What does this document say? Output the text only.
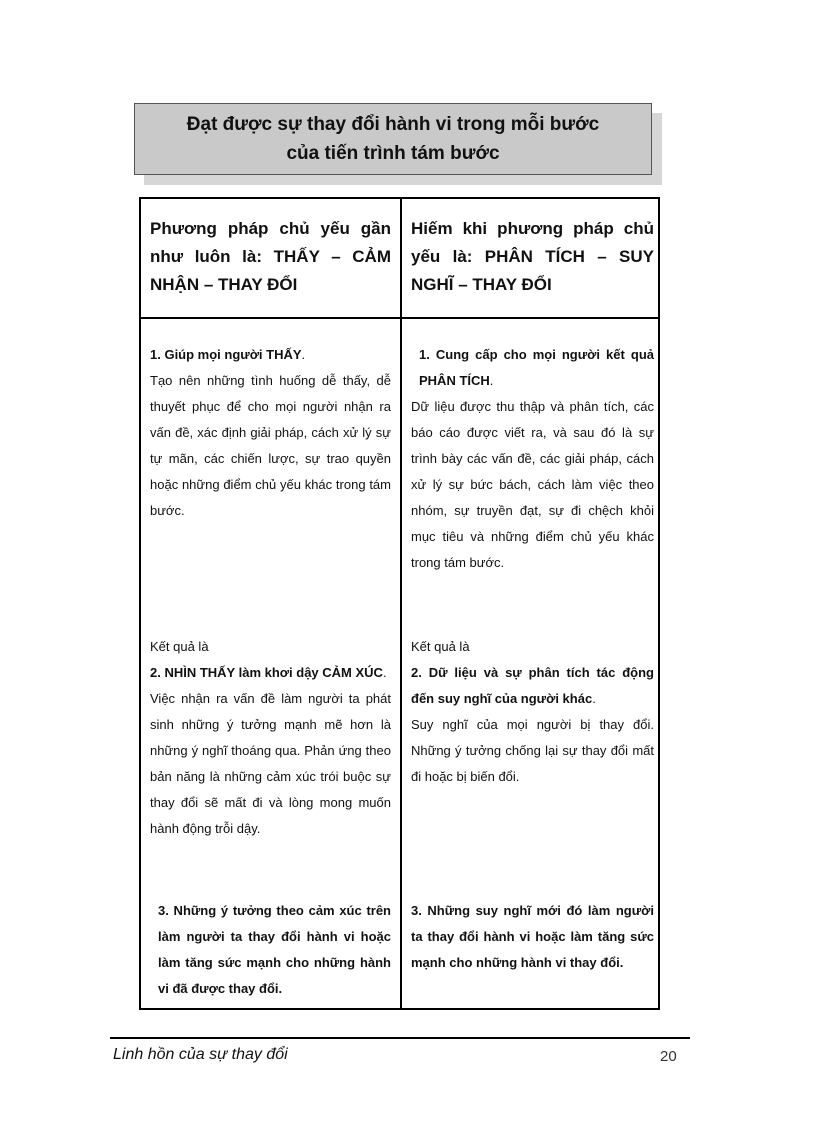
Đạt được sự thay đổi hành vi trong mỗi bước
của tiến trình tám bước
Phương pháp chủ yếu gần như luôn là: THẤY – CẢM NHẬN – THAY ĐỔI
Hiếm khi phương pháp chủ yếu là: PHÂN TÍCH – SUY NGHĨ – THAY ĐỔI

1. Giúp mọi người THẤY.

Tạo nên những tình huống dễ thấy, dễ thuyết phục để cho mọi người nhận ra vấn đề, xác định giải pháp, cách xử lý sự tự mãn, các chiến lược, sự trao quyền hoặc những điểm chủ yếu khác trong tám bước.

Kết quả là

2. NHÌN THẤY làm khơi dậy CẢM XÚC.

Việc nhận ra vấn đề làm người ta phát sinh những ý tưởng mạnh mẽ hơn là những ý nghĩ thoáng qua. Phản ứng theo bản năng là những cảm xúc trói buộc sự thay đổi sẽ mất đi và lòng mong muốn hành động trỗi dậy.

3. Những ý tưởng theo cảm xúc trên làm người ta thay đổi hành vi hoặc làm tăng sức mạnh cho những hành vi đã được thay đổi.

1. Cung cấp cho mọi người kết quả PHÂN TÍCH.

Dữ liệu được thu thập và phân tích, các báo cáo được viết ra, và sau đó là sự trình bày các vấn đề, các giải pháp, cách xử lý sự bức bách, cách làm việc theo nhóm, sự truyền đạt, sự đi chệch khỏi mục tiêu và những điểm chủ yếu khác trong tám bước.

Kết quả là

2. Dữ liệu và sự phân tích tác động đến suy nghĩ của người khác.

Suy nghĩ của mọi người bị thay đổi. Những ý tưởng chống lại sự thay đổi mất đi hoặc bị biến đổi.

3. Những suy nghĩ mới đó làm người ta thay đổi hành vi hoặc làm tăng sức mạnh cho những hành vi thay đổi.
Linh hồn của sự thay đổi	20
